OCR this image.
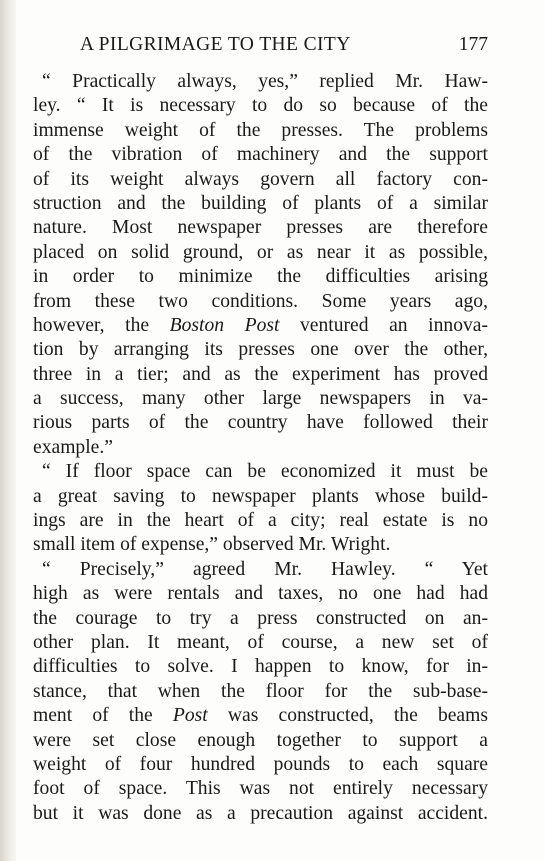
A PILGRIMAGE TO THE CITY	177
“ Practically always, yes,” replied Mr. Haw-
ley. “ It is necessary to do so because of the
immense weight of the presses. The problems
of the vibration of machinery and the support
of its weight always govern all factory con-
struction and the building of plants of a similar
nature. Most newspaper presses are therefore
placed on solid ground, or as near it as possible,
in order to minimize the difficulties arising
from these two conditions. Some years ago,
however, the Boston Post ventured an innova-
tion by arranging its presses one over the other,
three in a tier; and as the experiment has proved
a success, many other large newspapers in va-
rious parts of the country have followed their
example.”
“ If floor space can be economized it must be
a great saving to newspaper plants whose build-
ings are in the heart of a city; real estate is no
small item of expense,” observed Mr. Wright.
“ Precisely,” agreed Mr. Hawley. “ Yet
high as were rentals and taxes, no one had had
the courage to try a press constructed on an-
other plan. It meant, of course, a new set of
difficulties to solve. I happen to know, for in-
stance, that when the floor for the sub-base-
ment of the Post was constructed, the beams
were set close enough together to support a
weight of four hundred pounds to each square
foot of space. This was not entirely necessary
but it was done as a precaution against accident.
